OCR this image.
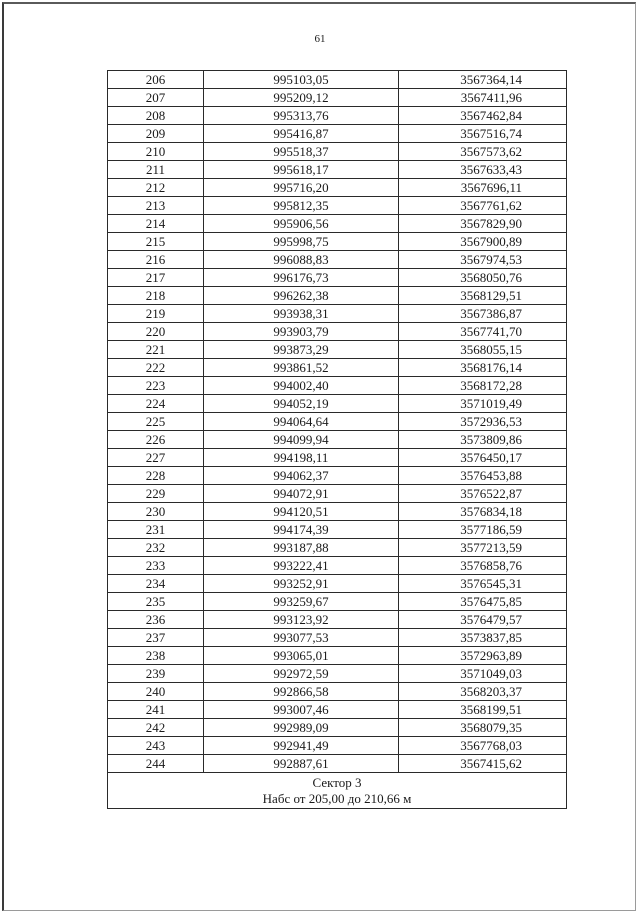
61
206	995103,05	3567364,14
207	995209,12	3567411,96
208	995313,76	3567462,84
209	995416,87	3567516,74
210	995518,37	3567573,62
211	995618,17	3567633,43
212	995716,20	3567696,11
213	995812,35	3567761,62
214	995906,56	3567829,90
215	995998,75	3567900,89
216	996088,83	3567974,53
217	996176,73	3568050,76
218	996262,38	3568129,51
219	993938,31	3567386,87
220	993903,79	3567741,70
221	993873,29	3568055,15
222	993861,52	3568176,14
223	994002,40	3568172,28
224	994052,19	3571019,49
225	994064,64	3572936,53
226	994099,94	3573809,86
227	994198,11	3576450,17
228	994062,37	3576453,88
229	994072,91	3576522,87
230	994120,51	3576834,18
231	994174,39	3577186,59
232	993187,88	3577213,59
233	993222,41	3576858,76
234	993252,91	3576545,31
235	993259,67	3576475,85
236	993123,92	3576479,57
237	993077,53	3573837,85
238	993065,01	3572963,89
239	992972,59	3571049,03
240	992866,58	3568203,37
241	993007,46	3568199,51
242	992989,09	3568079,35
243	992941,49	3567768,03
244	992887,61	3567415,62

Сектор 3
Набс от 205,00 до 210,66 м		
